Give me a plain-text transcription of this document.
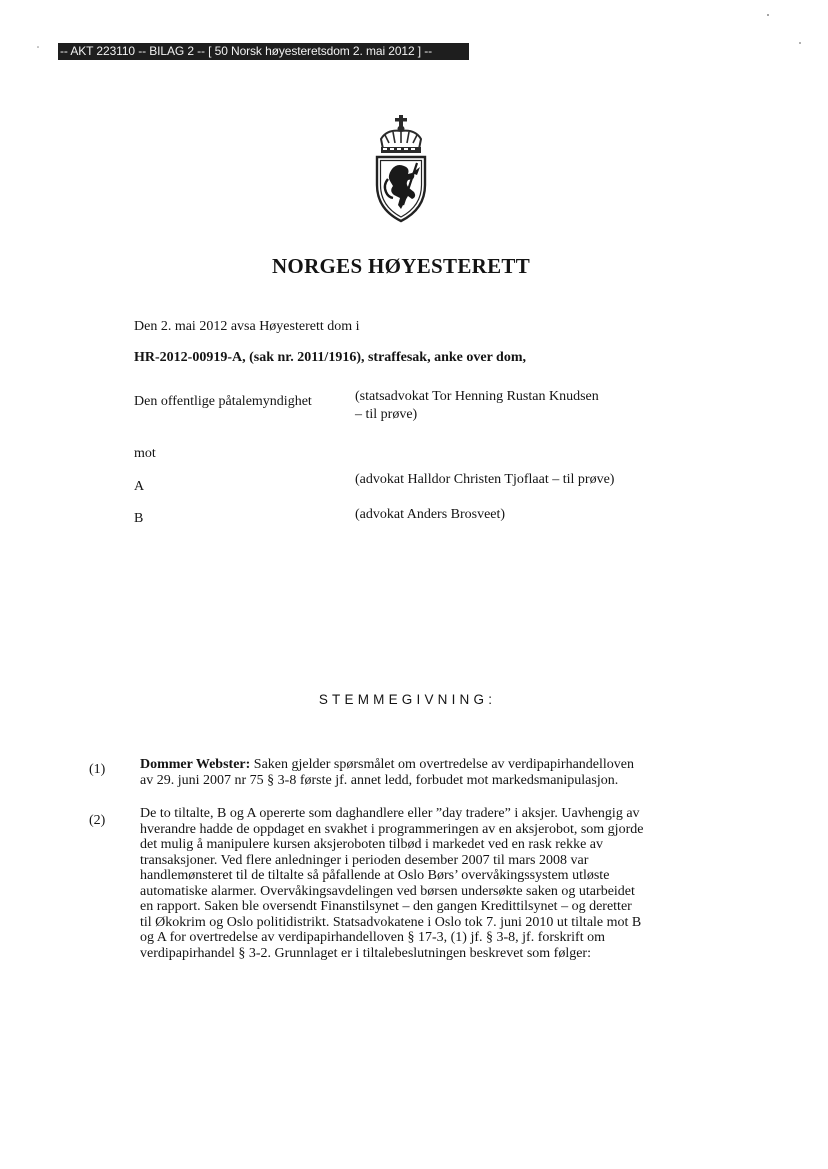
-- AKT 223110 -- BILAG 2 -- [ 50 Norsk høyesteretsdom 2. mai 2012 ] --
NORGES HØYESTERETT
Den 2. mai 2012 avsa Høyesterett dom i
HR-2012-00919-A, (sak nr. 2011/1916), straffesak, anke over dom,
Den offentlige påtalemyndighet	(statsadvokat Tor Henning Rustan Knudsen
– til prøve)
mot
A	(advokat Halldor Christen Tjoflaat – til prøve)
B	(advokat Anders Brosveet)
STEMMEGIVNING:
(1) Dommer Webster: Saken gjelder spørsmålet om overtredelse av verdipapirhandelloven

av 29. juni 2007 nr 75 § 3-8 første jf. annet ledd, forbudet mot markedsmanipulasjon.

(2) De to tiltalte, B og A opererte som daghandlere eller ”day tradere” i aksjer. Uavhengig av

hverandre hadde de oppdaget en svakhet i programmeringen av en aksjerobot, som gjorde

det mulig å manipulere kursen aksjeroboten tilbød i markedet ved en rask rekke av

transaksjoner. Ved flere anledninger i perioden desember 2007 til mars 2008 var

handlemønsteret til de tiltalte så påfallende at Oslo Børs’ overvåkingssystem utløste

automatiske alarmer. Overvåkingsavdelingen ved børsen undersøkte saken og utarbeidet

en rapport. Saken ble oversendt Finanstilsynet – den gangen Kredittilsynet – og deretter

til Økokrim og Oslo politidistrikt. Statsadvokatene i Oslo tok 7. juni 2010 ut tiltale mot B

og A for overtredelse av verdipapirhandelloven § 17-3, (1) jf. § 3-8, jf. forskrift om

verdipapirhandel § 3-2. Grunnlaget er i tiltalebeslutningen beskrevet som følger:
